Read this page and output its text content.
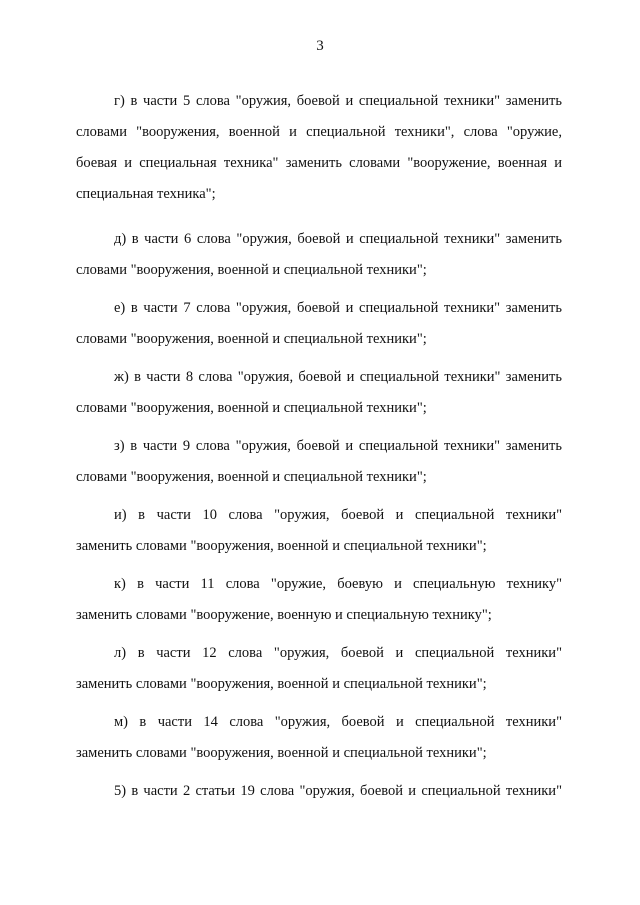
3
г) в части 5 слова "оружия, боевой и специальной техники" заменить
словами "вооружения, военной и специальной техники", слова "оружие,
боевая и специальная техника" заменить словами "вооружение, военная и
специальная техника";
д) в части 6 слова "оружия, боевой и специальной техники" заменить
словами "вооружения, военной и специальной техники";
е) в части 7 слова "оружия, боевой и специальной техники" заменить
словами "вооружения, военной и специальной техники";
ж) в части 8 слова "оружия, боевой и специальной техники" заменить
словами "вооружения, военной и специальной техники";
з) в части 9 слова "оружия, боевой и специальной техники" заменить
словами "вооружения, военной и специальной техники";
и) в части 10 слова "оружия, боевой и специальной техники"
заменить словами "вооружения, военной и специальной техники";
к) в части 11 слова "оружие, боевую и специальную технику"
заменить словами "вооружение, военную и специальную технику";
л) в части 12 слова "оружия, боевой и специальной техники"
заменить словами "вооружения, военной и специальной техники";
м) в части 14 слова "оружия, боевой и специальной техники"
заменить словами "вооружения, военной и специальной техники";
5) в части 2 статьи 19 слова "оружия, боевой и специальной техники"
